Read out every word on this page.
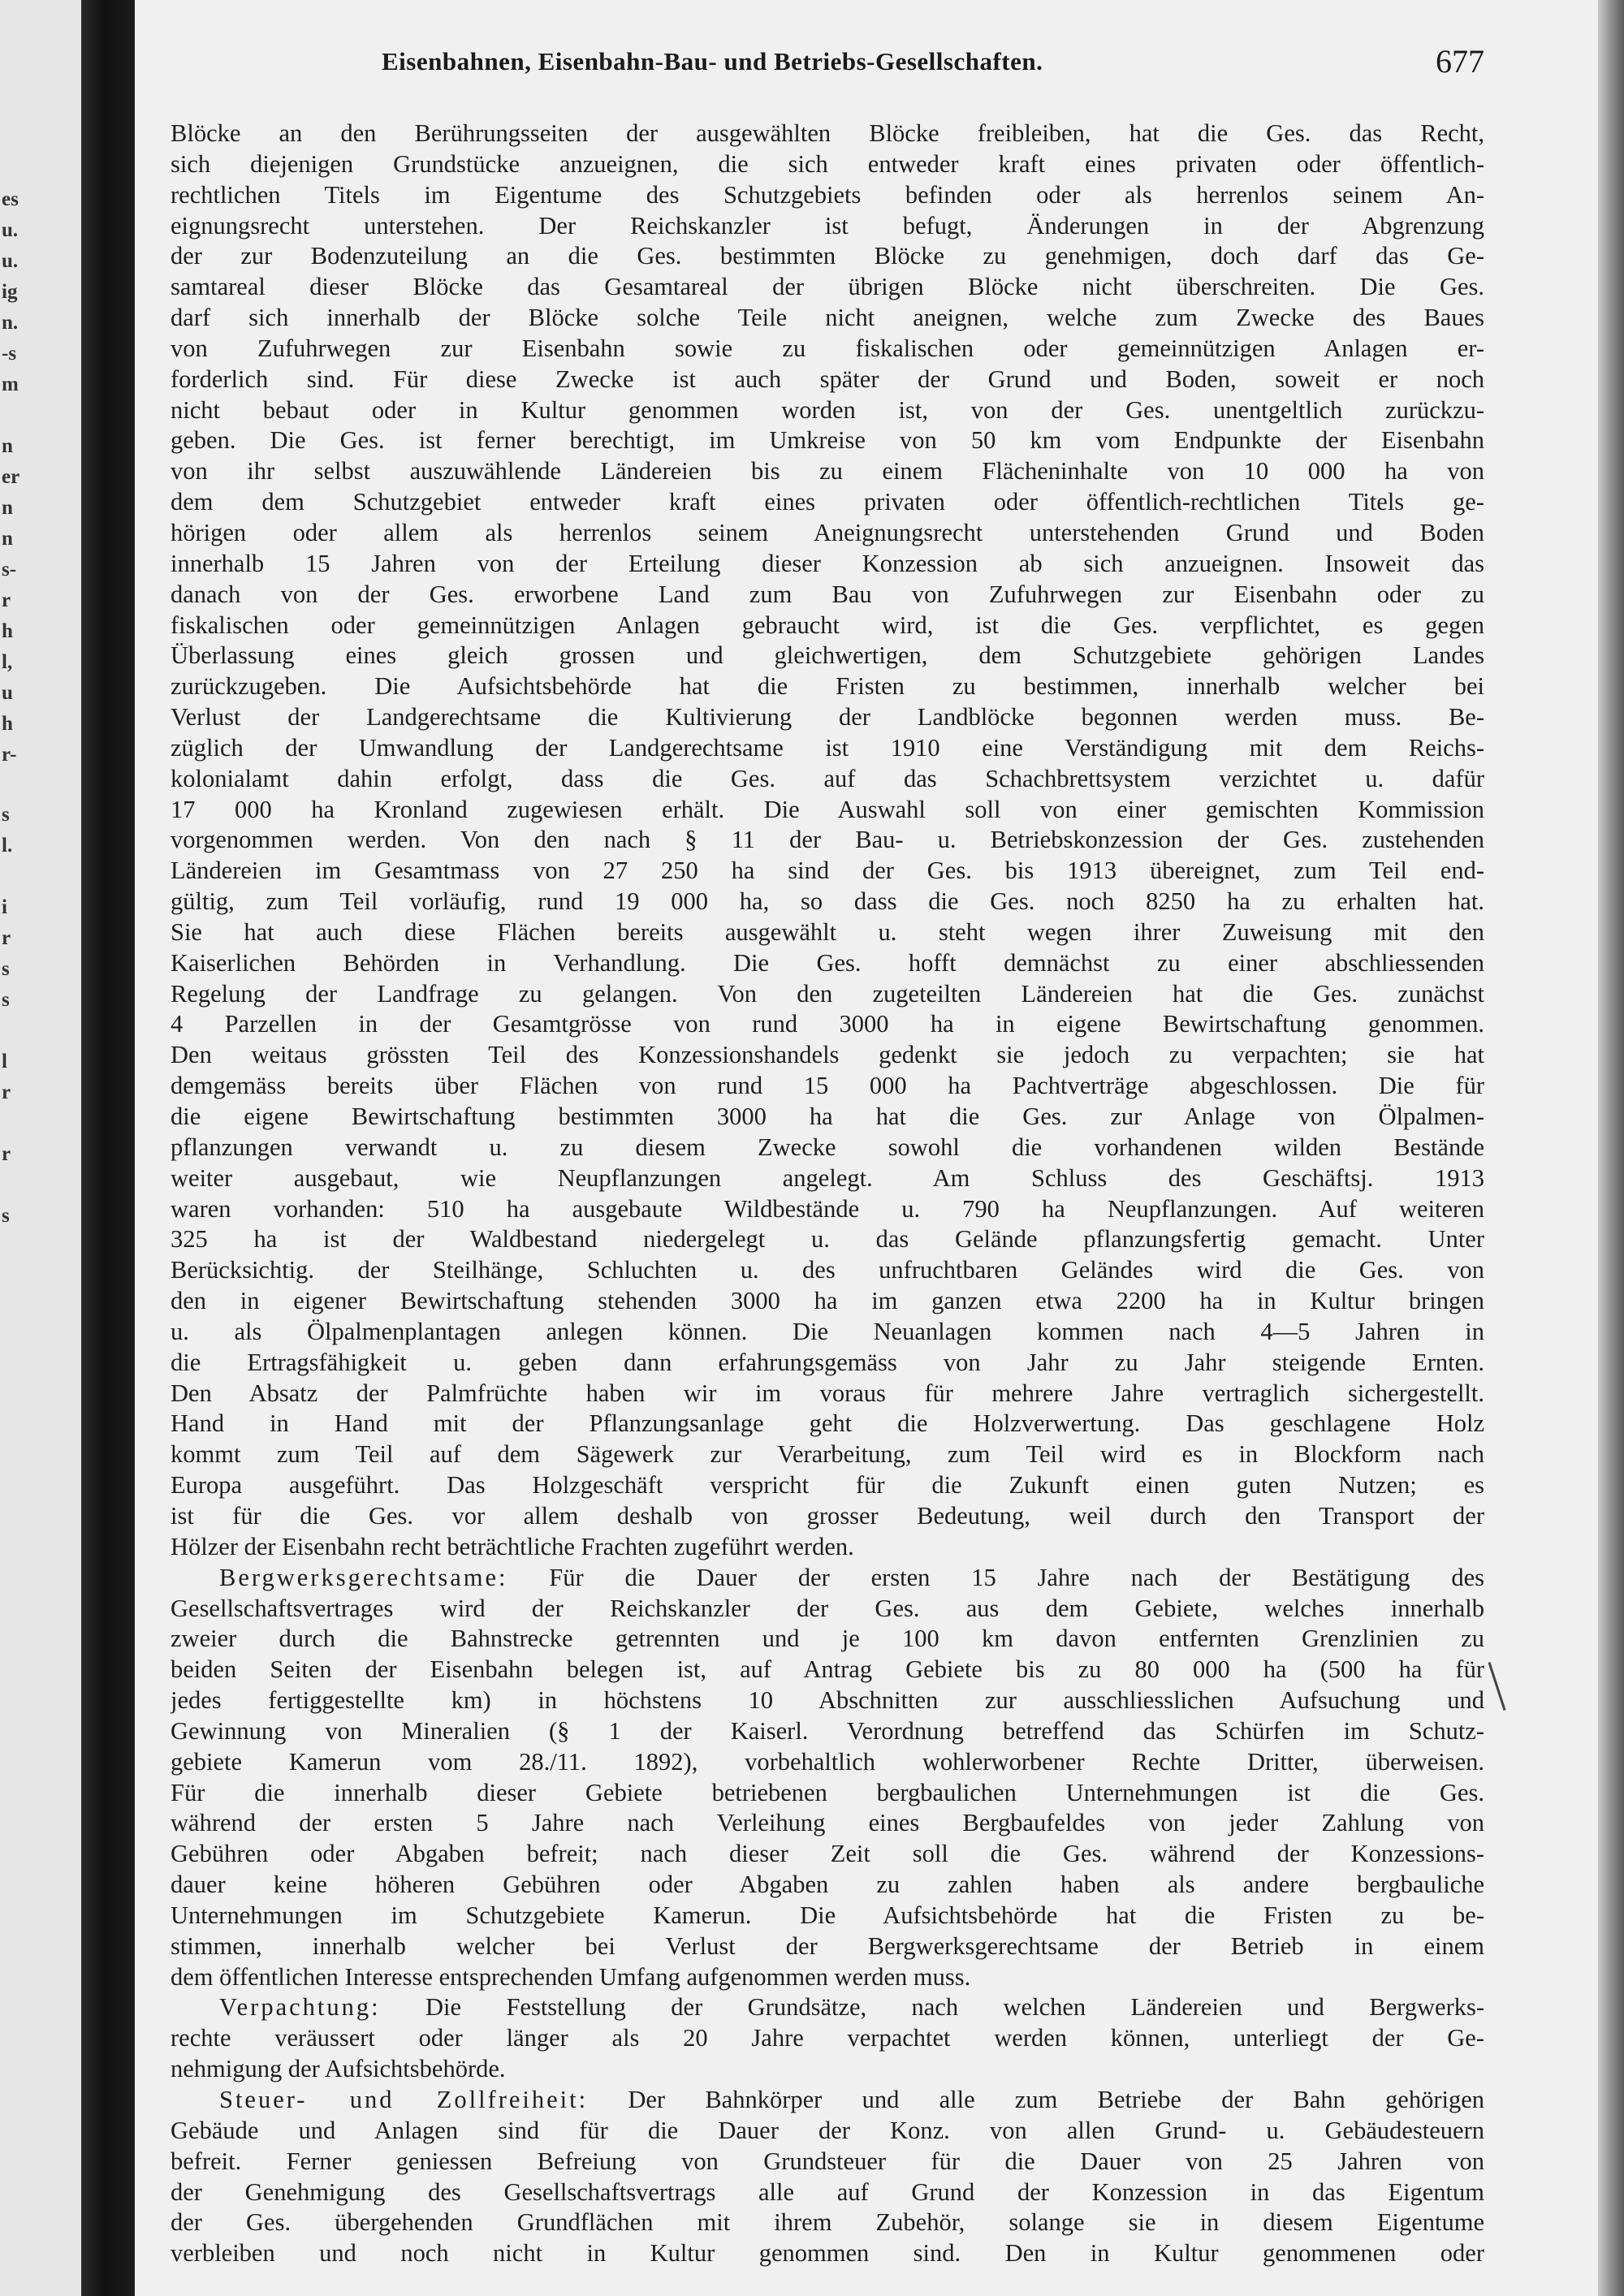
es
u.
u.
ig
n.
-s
m
n
er
n
n
s-
r
h
l,
u
h
r-
s
l.
i
r
s
s
l
r
r
s
Eisenbahnen, Eisenbahn-Bau- und Betriebs-Gesellschaften.	677
Blöcke an den Berührungsseiten der ausgewählten Blöcke freibleiben, hat die Ges. das Recht,
sich diejenigen Grundstücke anzueignen, die sich entweder kraft eines privaten oder öffentlich-
rechtlichen Titels im Eigentume des Schutzgebiets befinden oder als herrenlos seinem An-
eignungsrecht unterstehen. Der Reichskanzler ist befugt, Änderungen in der Abgrenzung
der zur Bodenzuteilung an die Ges. bestimmten Blöcke zu genehmigen, doch darf das Ge-
samtareal dieser Blöcke das Gesamtareal der übrigen Blöcke nicht überschreiten. Die Ges.
darf sich innerhalb der Blöcke solche Teile nicht aneignen, welche zum Zwecke des Baues
von Zufuhrwegen zur Eisenbahn sowie zu fiskalischen oder gemeinnützigen Anlagen er-
forderlich sind. Für diese Zwecke ist auch später der Grund und Boden, soweit er noch
nicht bebaut oder in Kultur genommen worden ist, von der Ges. unentgeltlich zurückzu-
geben. Die Ges. ist ferner berechtigt, im Umkreise von 50 km vom Endpunkte der Eisenbahn
von ihr selbst auszuwählende Ländereien bis zu einem Flächeninhalte von 10 000 ha von
dem dem Schutzgebiet entweder kraft eines privaten oder öffentlich-rechtlichen Titels ge-
hörigen oder allem als herrenlos seinem Aneignungsrecht unterstehenden Grund und Boden
innerhalb 15 Jahren von der Erteilung dieser Konzession ab sich anzueignen. Insoweit das
danach von der Ges. erworbene Land zum Bau von Zufuhrwegen zur Eisenbahn oder zu
fiskalischen oder gemeinnützigen Anlagen gebraucht wird, ist die Ges. verpflichtet, es gegen
Überlassung eines gleich grossen und gleichwertigen, dem Schutzgebiete gehörigen Landes
zurückzugeben. Die Aufsichtsbehörde hat die Fristen zu bestimmen, innerhalb welcher bei
Verlust der Landgerechtsame die Kultivierung der Landblöcke begonnen werden muss. Be-
züglich der Umwandlung der Landgerechtsame ist 1910 eine Verständigung mit dem Reichs-
kolonialamt dahin erfolgt, dass die Ges. auf das Schachbrettsystem verzichtet u. dafür
17 000 ha Kronland zugewiesen erhält. Die Auswahl soll von einer gemischten Kommission
vorgenommen werden. Von den nach § 11 der Bau- u. Betriebskonzession der Ges. zustehenden
Ländereien im Gesamtmass von 27 250 ha sind der Ges. bis 1913 übereignet, zum Teil end-
gültig, zum Teil vorläufig, rund 19 000 ha, so dass die Ges. noch 8250 ha zu erhalten hat.
Sie hat auch diese Flächen bereits ausgewählt u. steht wegen ihrer Zuweisung mit den
Kaiserlichen Behörden in Verhandlung. Die Ges. hofft demnächst zu einer abschliessenden
Regelung der Landfrage zu gelangen. Von den zugeteilten Ländereien hat die Ges. zunächst
4 Parzellen in der Gesamtgrösse von rund 3000 ha in eigene Bewirtschaftung genommen.
Den weitaus grössten Teil des Konzessionshandels gedenkt sie jedoch zu verpachten; sie hat
demgemäss bereits über Flächen von rund 15 000 ha Pachtverträge abgeschlossen. Die für
die eigene Bewirtschaftung bestimmten 3000 ha hat die Ges. zur Anlage von Ölpalmen-
pflanzungen verwandt u. zu diesem Zwecke sowohl die vorhandenen wilden Bestände
weiter ausgebaut, wie Neupflanzungen angelegt. Am Schluss des Geschäftsj. 1913
waren vorhanden: 510 ha ausgebaute Wildbestände u. 790 ha Neupflanzungen. Auf weiteren
325 ha ist der Waldbestand niedergelegt u. das Gelände pflanzungsfertig gemacht. Unter
Berücksichtig. der Steilhänge, Schluchten u. des unfruchtbaren Geländes wird die Ges. von
den in eigener Bewirtschaftung stehenden 3000 ha im ganzen etwa 2200 ha in Kultur bringen
u. als Ölpalmenplantagen anlegen können. Die Neuanlagen kommen nach 4—5 Jahren in
die Ertragsfähigkeit u. geben dann erfahrungsgemäss von Jahr zu Jahr steigende Ernten.
Den Absatz der Palmfrüchte haben wir im voraus für mehrere Jahre vertraglich sichergestellt.
Hand in Hand mit der Pflanzungsanlage geht die Holzverwertung. Das geschlagene Holz
kommt zum Teil auf dem Sägewerk zur Verarbeitung, zum Teil wird es in Blockform nach
Europa ausgeführt. Das Holzgeschäft verspricht für die Zukunft einen guten Nutzen; es
ist für die Ges. vor allem deshalb von grosser Bedeutung, weil durch den Transport der
Hölzer der Eisenbahn recht beträchtliche Frachten zugeführt werden.
Bergwerksgerechtsame: Für die Dauer der ersten 15 Jahre nach der Bestätigung des
Gesellschaftsvertrages wird der Reichskanzler der Ges. aus dem Gebiete, welches innerhalb
zweier durch die Bahnstrecke getrennten und je 100 km davon entfernten Grenzlinien zu
beiden Seiten der Eisenbahn belegen ist, auf Antrag Gebiete bis zu 80 000 ha (500 ha für
jedes fertiggestellte km) in höchstens 10 Abschnitten zur ausschliesslichen Aufsuchung und
Gewinnung von Mineralien (§ 1 der Kaiserl. Verordnung betreffend das Schürfen im Schutz-
gebiete Kamerun vom 28./11. 1892), vorbehaltlich wohlerworbener Rechte Dritter, überweisen.
Für die innerhalb dieser Gebiete betriebenen bergbaulichen Unternehmungen ist die Ges.
während der ersten 5 Jahre nach Verleihung eines Bergbaufeldes von jeder Zahlung von
Gebühren oder Abgaben befreit; nach dieser Zeit soll die Ges. während der Konzessions-
dauer keine höheren Gebühren oder Abgaben zu zahlen haben als andere bergbauliche
Unternehmungen im Schutzgebiete Kamerun. Die Aufsichtsbehörde hat die Fristen zu be-
stimmen, innerhalb welcher bei Verlust der Bergwerksgerechtsame der Betrieb in einem
dem öffentlichen Interesse entsprechenden Umfang aufgenommen werden muss.
Verpachtung: Die Feststellung der Grundsätze, nach welchen Ländereien und Bergwerks-
rechte veräussert oder länger als 20 Jahre verpachtet werden können, unterliegt der Ge-
nehmigung der Aufsichtsbehörde.
Steuer- und Zollfreiheit: Der Bahnkörper und alle zum Betriebe der Bahn gehörigen
Gebäude und Anlagen sind für die Dauer der Konz. von allen Grund- u. Gebäudesteuern
befreit. Ferner geniessen Befreiung von Grundsteuer für die Dauer von 25 Jahren von
der Genehmigung des Gesellschaftsvertrags alle auf Grund der Konzession in das Eigentum
der Ges. übergehenden Grundflächen mit ihrem Zubehör, solange sie in diesem Eigentume
verbleiben und noch nicht in Kultur genommen sind. Den in Kultur genommenen oder
